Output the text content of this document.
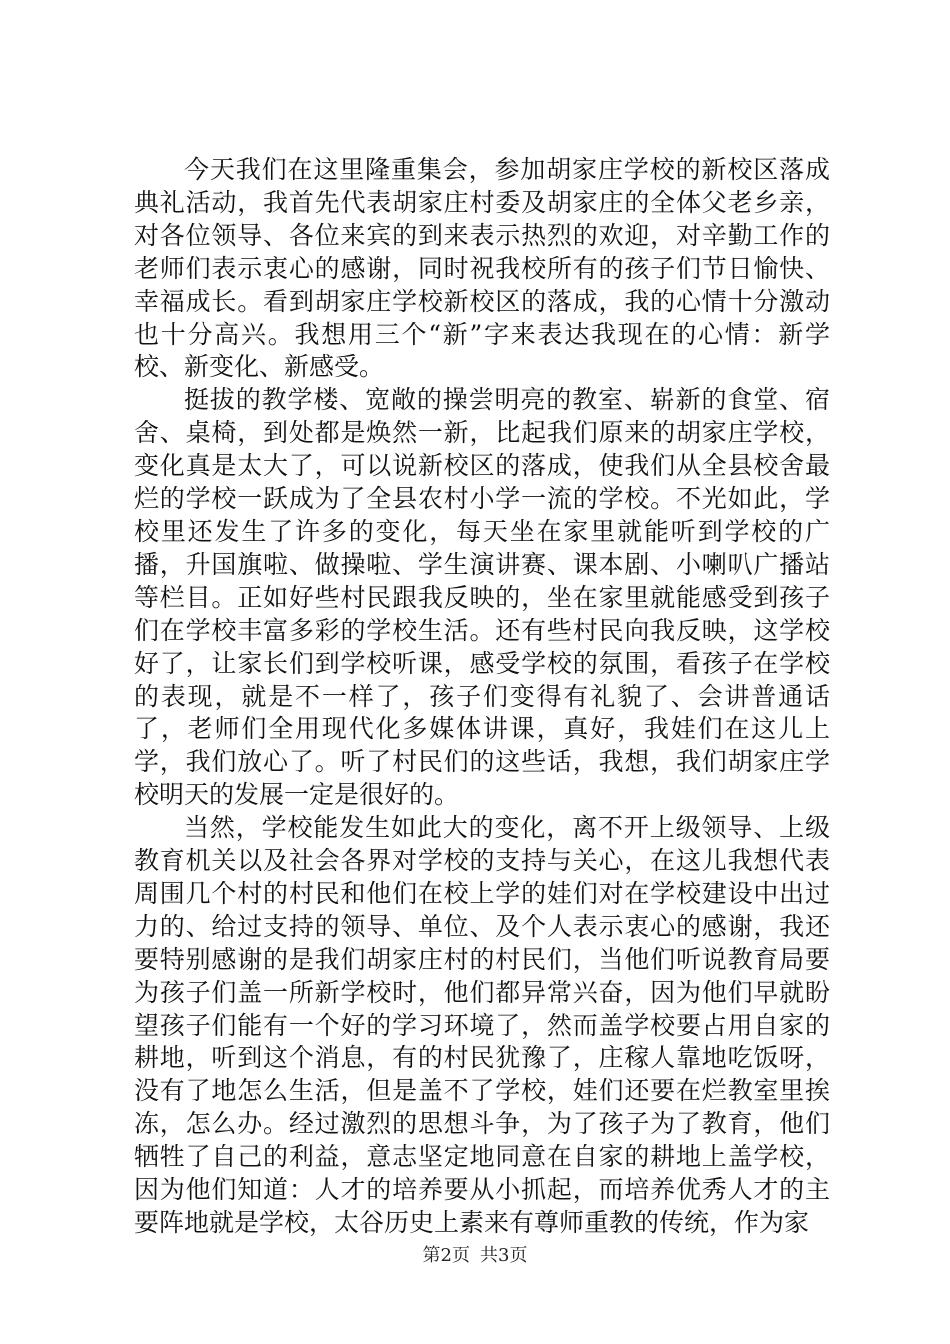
今天我们在这里隆重集会，参加胡家庄学校的新校区落成典礼活动，我首先代表胡家庄村委及胡家庄的全体父老乡亲，对各位领导、各位来宾的到来表示热烈的欢迎，对辛勤工作的老师们表示衷心的感谢，同时祝我校所有的孩子们节日愉快、幸福成长。看到胡家庄学校新校区的落成，我的心情十分激动也十分高兴。我想用三个“新”字来表达我现在的心情：新学校、新变化、新感受。

挺拔的教学楼、宽敞的操尝明亮的教室、崭新的食堂、宿舍、桌椅，到处都是焕然一新，比起我们原来的胡家庄学校，变化真是太大了，可以说新校区的落成，使我们从全县校舍最烂的学校一跃成为了全县农村小学一流的学校。不光如此，学校里还发生了许多的变化，每天坐在家里就能听到学校的广播，升国旗啦、做操啦、学生演讲赛、课本剧、小喇叭广播站等栏目。正如好些村民跟我反映的，坐在家里就能感受到孩子们在学校丰富多彩的学校生活。还有些村民向我反映，这学校好了，让家长们到学校听课，感受学校的氛围，看孩子在学校的表现，就是不一样了，孩子们变得有礼貌了、会讲普通话了，老师们全用现代化多媒体讲课，真好，我娃们在这儿上学，我们放心了。听了村民们的这些话，我想，我们胡家庄学校明天的发展一定是很好的。

当然，学校能发生如此大的变化，离不开上级领导、上级教育机关以及社会各界对学校的支持与关心，在这儿我想代表周围几个村的村民和他们在校上学的娃们对在学校建设中出过力的、给过支持的领导、单位、及个人表示衷心的感谢，我还要特别感谢的是我们胡家庄村的村民们，当他们听说教育局要为孩子们盖一所新学校时，他们都异常兴奋，因为他们早就盼望孩子们能有一个好的学习环境了，然而盖学校要占用自家的耕地，听到这个消息，有的村民犹豫了，庄稼人靠地吃饭呀，没有了地怎么生活，但是盖不了学校，娃们还要在烂教室里挨冻，怎么办。经过激烈的思想斗争，为了孩子为了教育，他们牺牲了自己的利益，意志坚定地同意在自家的耕地上盖学校，因为他们知道：人才的培养要从小抓起，而培养优秀人才的主要阵地就是学校，太谷历史上素来有尊师重教的传统，作为家

第2页 共3页
